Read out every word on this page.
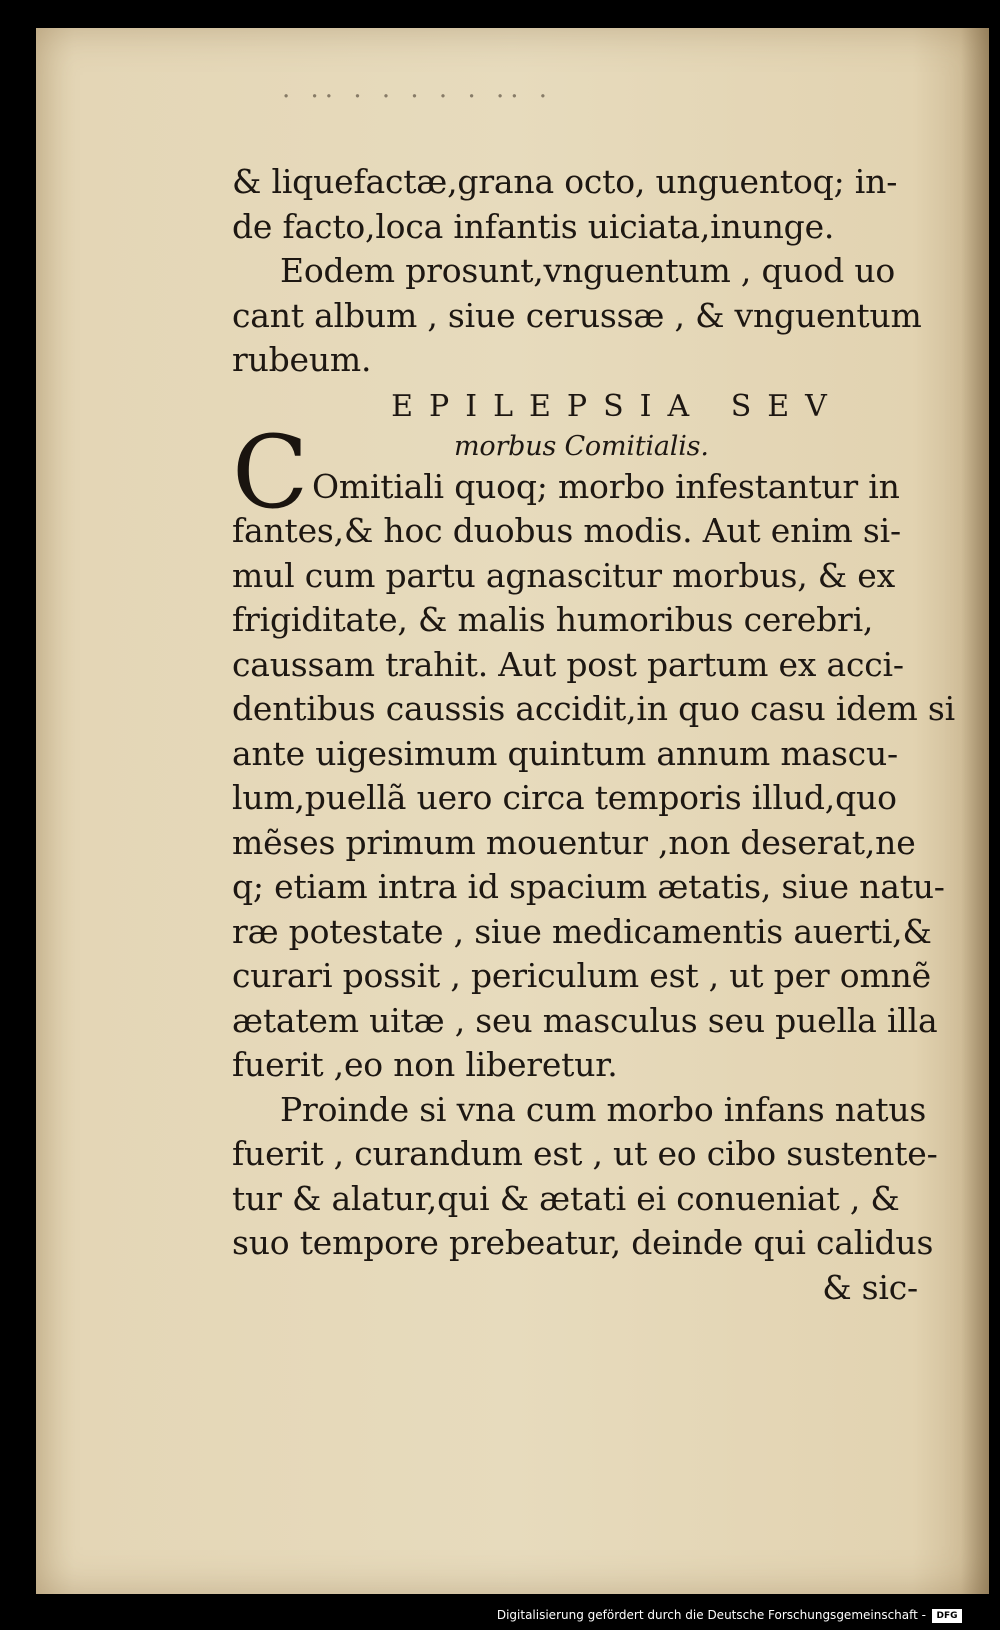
· ·· · · · · · ·· ·
& liquefactæ,grana octo, unguentoq; in-
de facto,loca infantis uiciata,inunge.
Eodem prosunt,vnguentum , quod uo
cant album , siue cerussæ , & vnguentum
rubeum.
EPILEPSIA SEV
morbus Comitialis.
C Omitiali quoq; morbo infestantur in
fantes,& hoc duobus modis. Aut enim si-
mul cum partu agnascitur morbus, & ex
frigiditate, & malis humoribus cerebri,
caussam trahit. Aut post partum ex acci-
dentibus caussis accidit,in quo casu idem si
ante uigesimum quintum annum mascu-
lum,puellã uero circa temporis illud,quo
mẽses primum mouentur ,non deserat,ne
q; etiam intra id spacium ætatis, siue natu-
ræ potestate , siue medicamentis auerti,&
curari possit , periculum est , ut per omnẽ
ætatem uitæ , seu masculus seu puella illa
fuerit ,eo non liberetur.
Proinde si vna cum morbo infans natus
fuerit , curandum est , ut eo cibo sustente-
tur & alatur,qui & ætati ei conueniat , &
suo tempore prebeatur, deinde qui calidus
& sic-
Digitalisierung gefördert durch die Deutsche Forschungsgemeinschaft -	DFG
